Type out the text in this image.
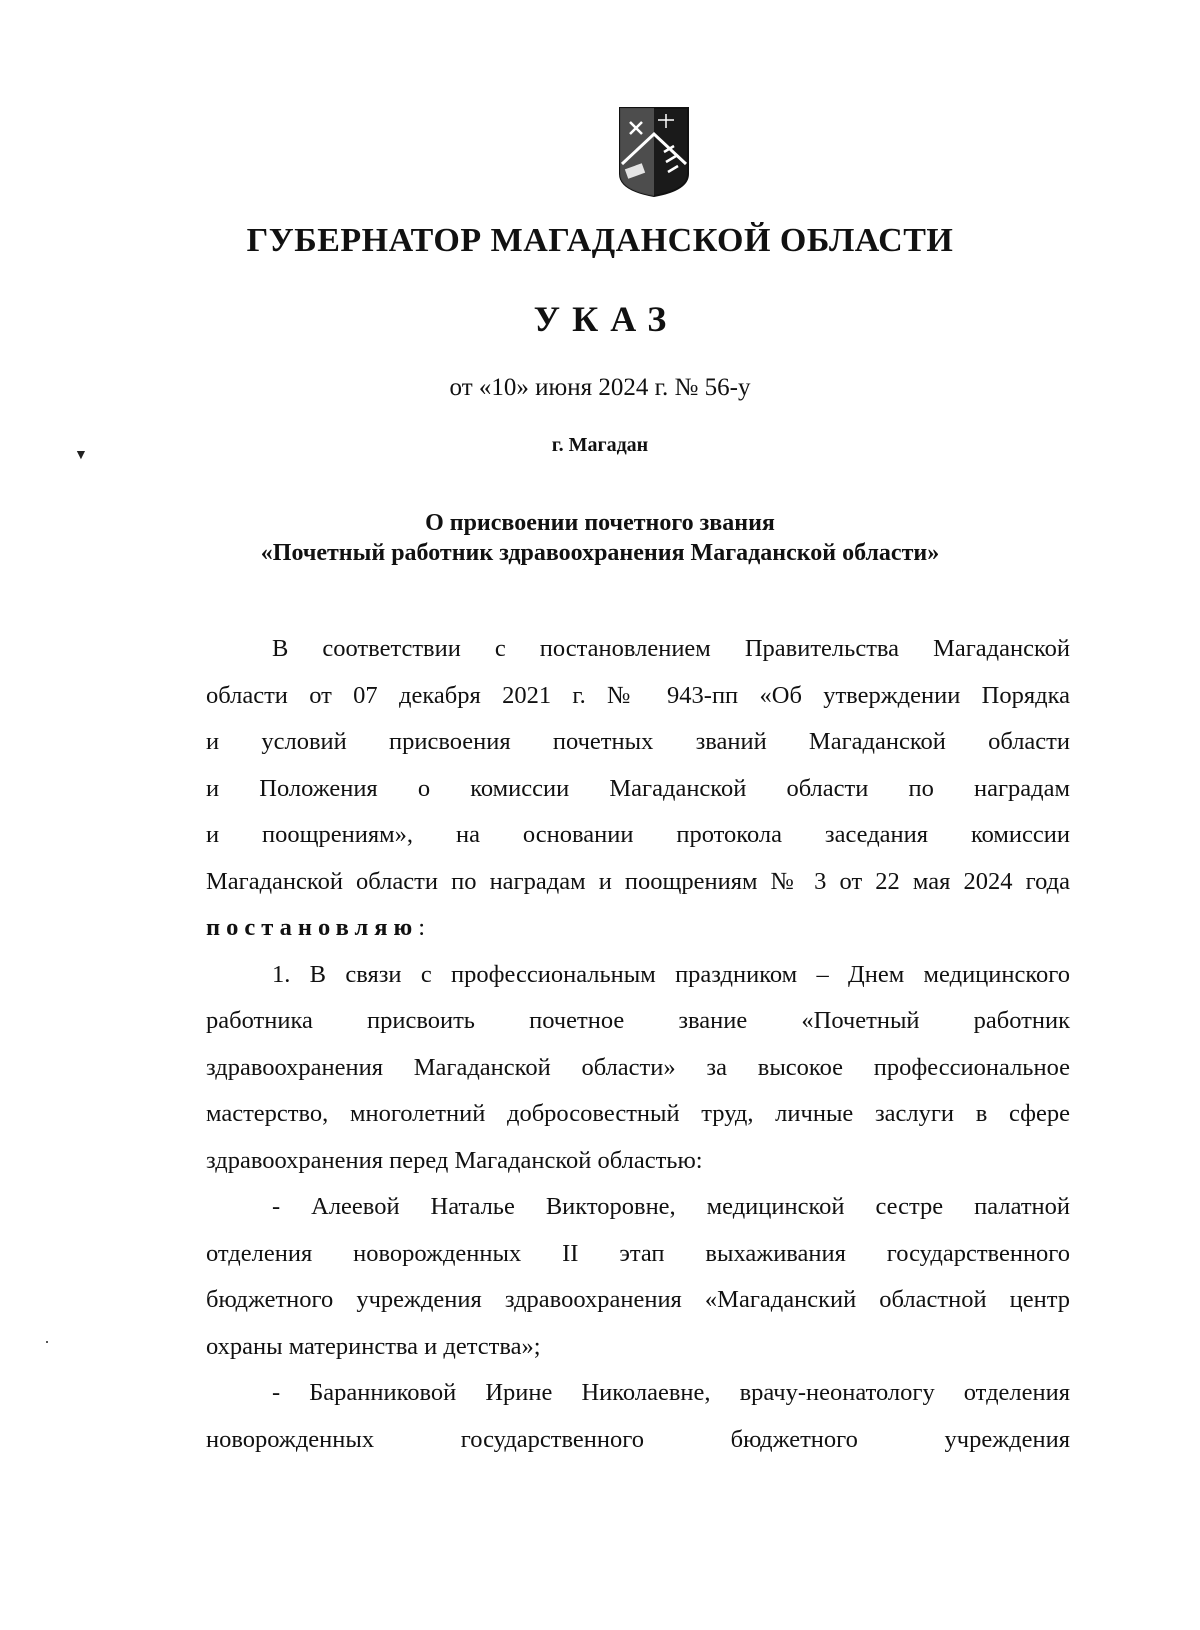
ГУБЕРНАТОР МАГАДАНСКОЙ ОБЛАСТИ
УКАЗ
от «10» июня 2024 г. № 56-у
▼	г. Магадан
О присвоении почетного звания
«Почетный работник здравоохранения Магаданской области»

В соответствии с постановлением Правительства Магаданской

области от 07 декабря 2021 г. № 943-пп «Об утверждении Порядка

и условий присвоения почетных званий Магаданской области

и Положения о комиссии Магаданской области по наградам

и поощрениям», на основании протокола заседания комиссии

Магаданской области по наградам и поощрениям № 3 от 22 мая 2024 года

постановляю:

1. В связи с профессиональным праздником – Днем медицинского

работника присвоить почетное звание «Почетный работник

здравоохранения Магаданской области» за высокое профессиональное

мастерство, многолетний добросовестный труд, личные заслуги в сфере

здравоохранения перед Магаданской областью:

- Алеевой Наталье Викторовне, медицинской сестре палатной

отделения новорожденных II этап выхаживания государственного

бюджетного учреждения здравоохранения «Магаданский областной центр

охраны материнства и детства»;

- Баранниковой Ирине Николаевне, врачу-неонатологу отделения

новорожденных государственного бюджетного учреждения
